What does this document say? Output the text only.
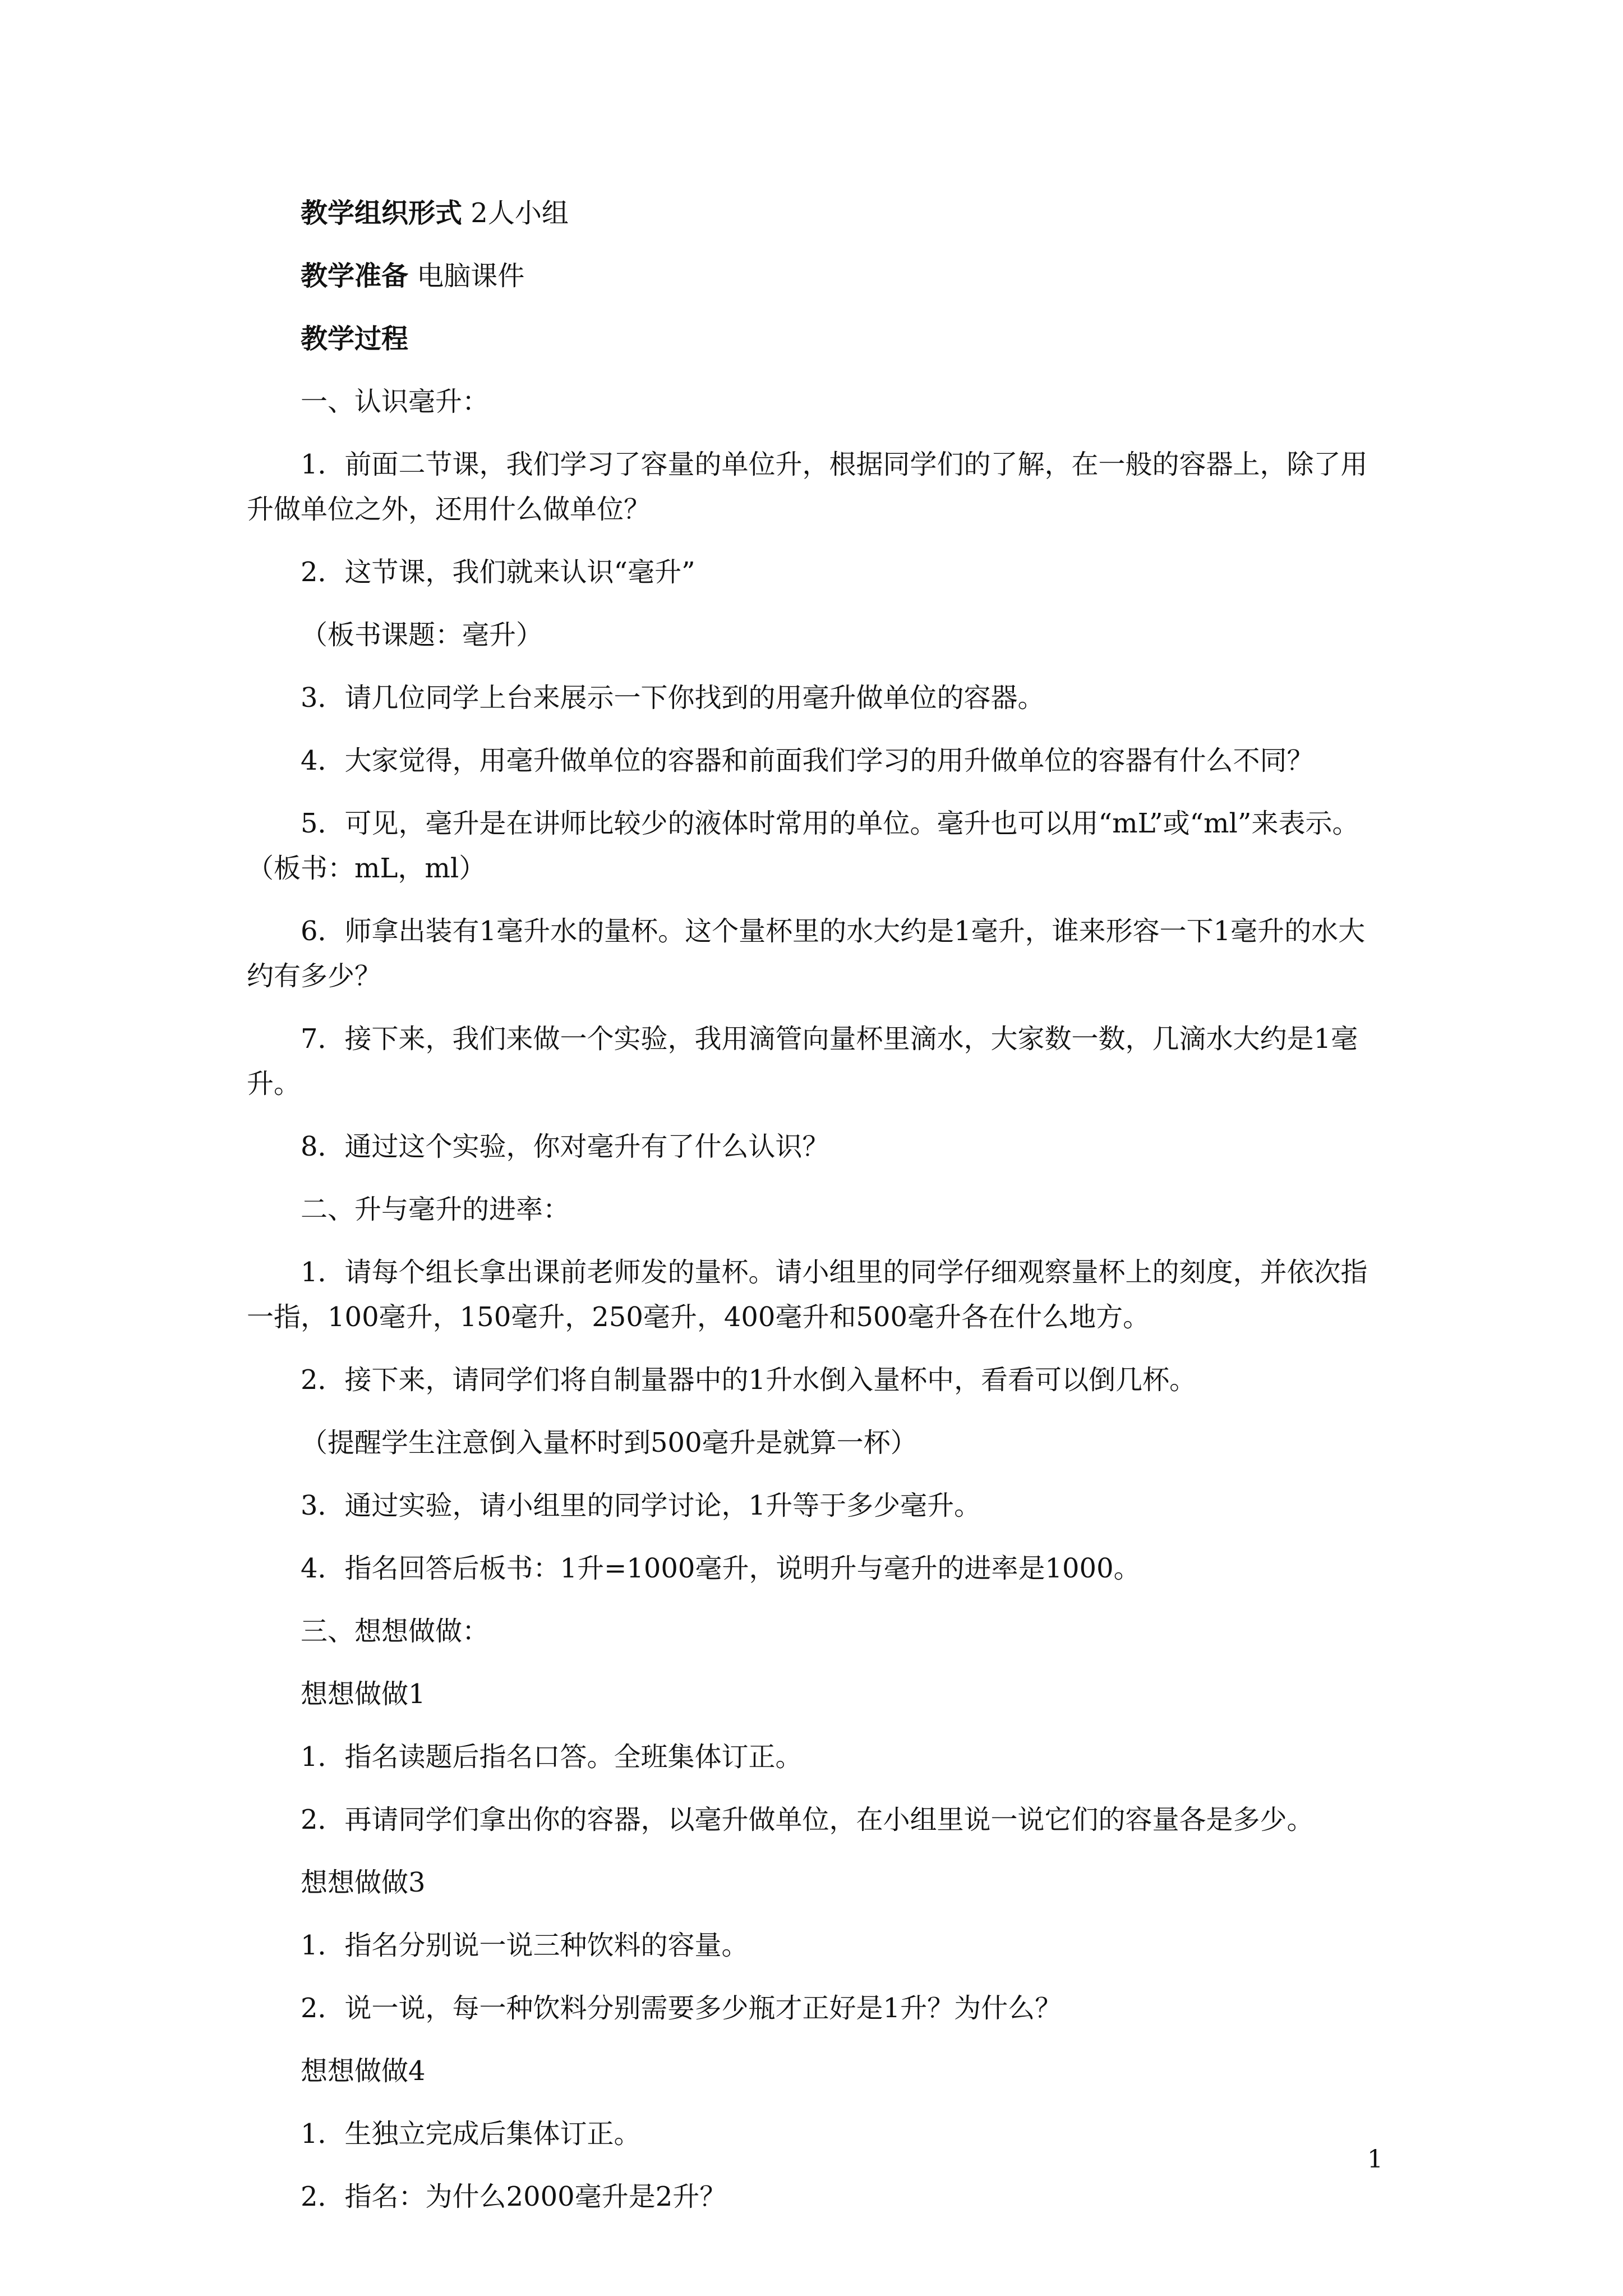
教学组织形式 2人小组

教学准备 电脑课件

教学过程

一、认识毫升：

1．前面二节课，我们学习了容量的单位升，根据同学们的了解，在一般的容器上，除了用升做单位之外，还用什么做单位？

2．这节课，我们就来认识“毫升”

（板书课题：毫升）

3．请几位同学上台来展示一下你找到的用毫升做单位的容器。

4．大家觉得，用毫升做单位的容器和前面我们学习的用升做单位的容器有什么不同？

5．可见，毫升是在讲师比较少的液体时常用的单位。毫升也可以用“mL”或“ml”来表示。（板书：mL，ml）

6．师拿出装有1毫升水的量杯。这个量杯里的水大约是1毫升，谁来形容一下1毫升的水大约有多少？

7．接下来，我们来做一个实验，我用滴管向量杯里滴水，大家数一数，几滴水大约是1毫升。

8．通过这个实验，你对毫升有了什么认识？

二、升与毫升的进率：

1．请每个组长拿出课前老师发的量杯。请小组里的同学仔细观察量杯上的刻度，并依次指一指，100毫升，150毫升，250毫升，400毫升和500毫升各在什么地方。

2．接下来，请同学们将自制量器中的1升水倒入量杯中，看看可以倒几杯。

（提醒学生注意倒入量杯时到500毫升是就算一杯）

3．通过实验，请小组里的同学讨论，1升等于多少毫升。

4．指名回答后板书：1升=1000毫升，说明升与毫升的进率是1000。

三、想想做做：

想想做做1

1．指名读题后指名口答。全班集体订正。

2．再请同学们拿出你的容器，以毫升做单位，在小组里说一说它们的容量各是多少。

想想做做3

1．指名分别说一说三种饮料的容量。

2．说一说，每一种饮料分别需要多少瓶才正好是1升？为什么？

想想做做4

1．生独立完成后集体订正。

2．指名：为什么2000毫升是2升？

1
